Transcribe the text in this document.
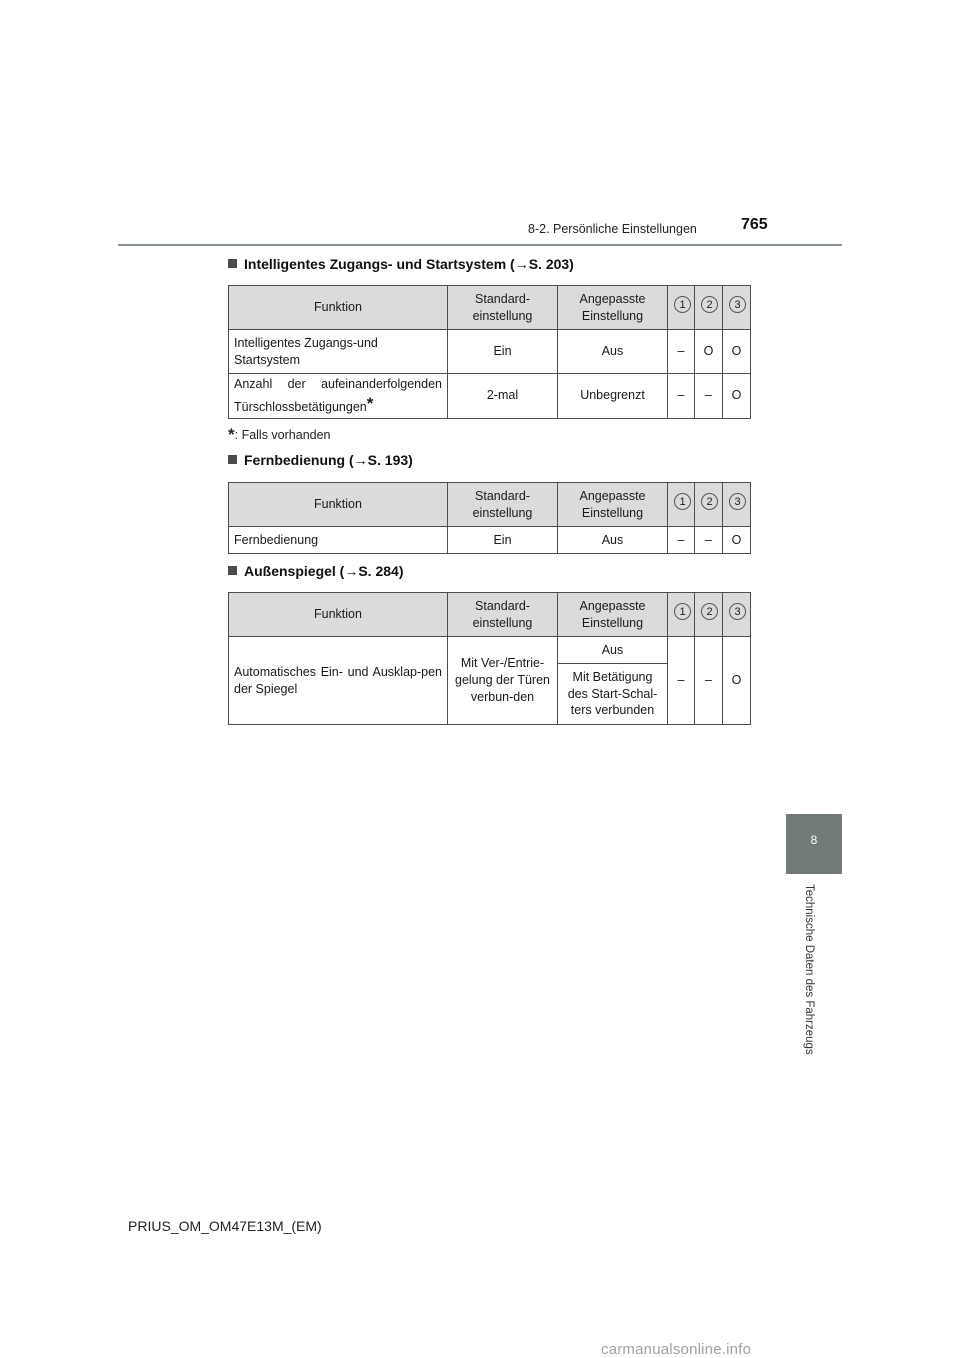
8-2. Persönliche Einstellungen	765
8
Technische Daten des Fahrzeugs
Intelligentes Zugangs- und Startsystem (→S. 203)
Funktion	Standard-einstellung	Angepasste Einstellung	1	2	3

Intelligentes Zugangs-und Startsystem	Ein	Aus	–	O	O
Anzahl der aufeinanderfolgenden Türschlossbetätigungen*	2-mal	Unbegrenzt	–	–	O
*: Falls vorhanden
Fernbedienung (→S. 193)
Funktion	Standard-einstellung	Angepasste Einstellung	1	2	3

Fernbedienung	Ein	Aus	–	–	O
Außenspiegel (→S. 284)
Funktion	Standard-einstellung	Angepasste Einstellung	1	2	3

Automatisches Ein- und Ausklap-pen der Spiegel	Mit Ver-/Entrie-gelung der Türen verbun-den	Aus	–	–	O
		Mit Betätigung des Start-Schal-ters verbunden			
PRIUS_OM_OM47E13M_(EM)
carmanualsonline.info
